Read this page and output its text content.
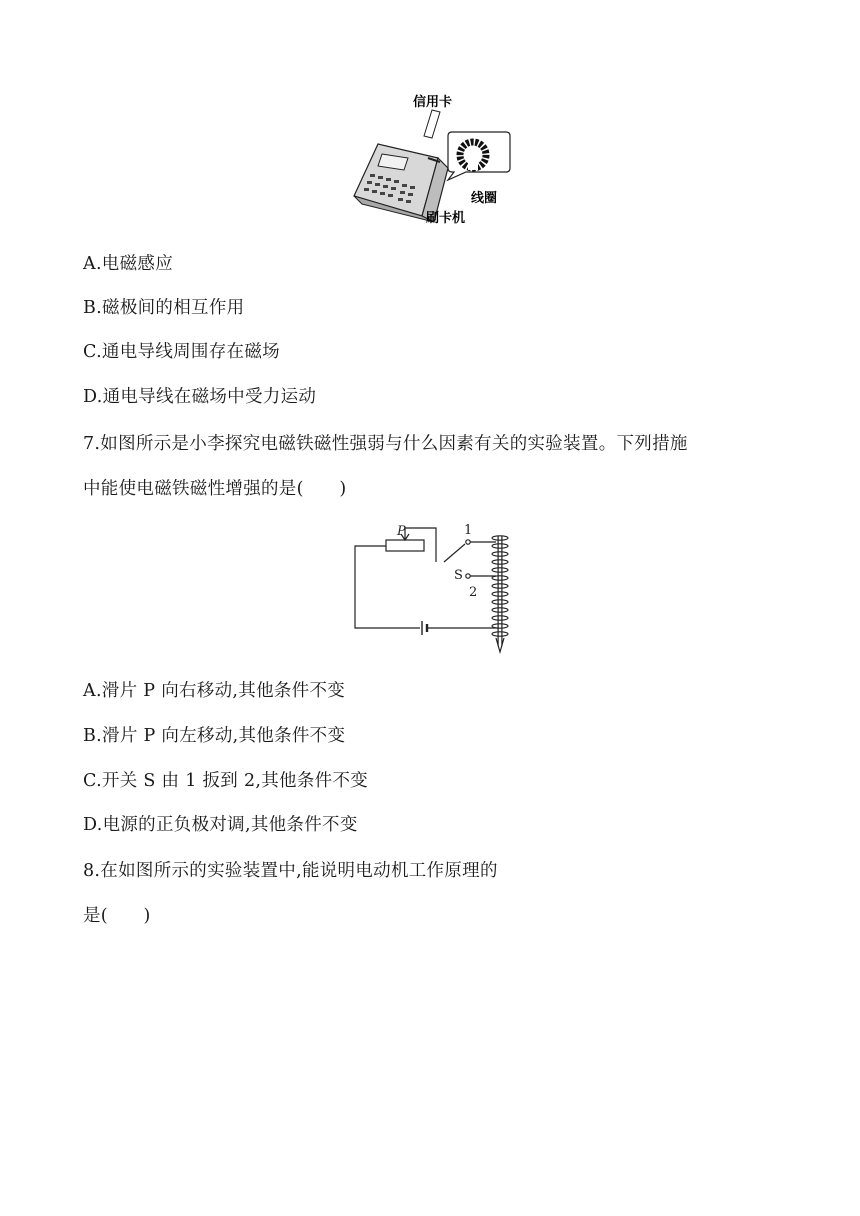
信用卡
线圈
刷卡机
A.电磁感应
B.磁极间的相互作用
C.通电导线周围存在磁场
D.通电导线在磁场中受力运动
7.如图所示是小李探究电磁铁磁性强弱与什么因素有关的实验装置。下列措施
中能使电磁铁磁性增强的是(　　)
P	1
S
2
A.滑片 P 向右移动,其他条件不变
B.滑片 P 向左移动,其他条件不变
C.开关 S 由 1 扳到 2,其他条件不变
D.电源的正负极对调,其他条件不变
8.在如图所示的实验装置中,能说明电动机工作原理的
是(　　)
